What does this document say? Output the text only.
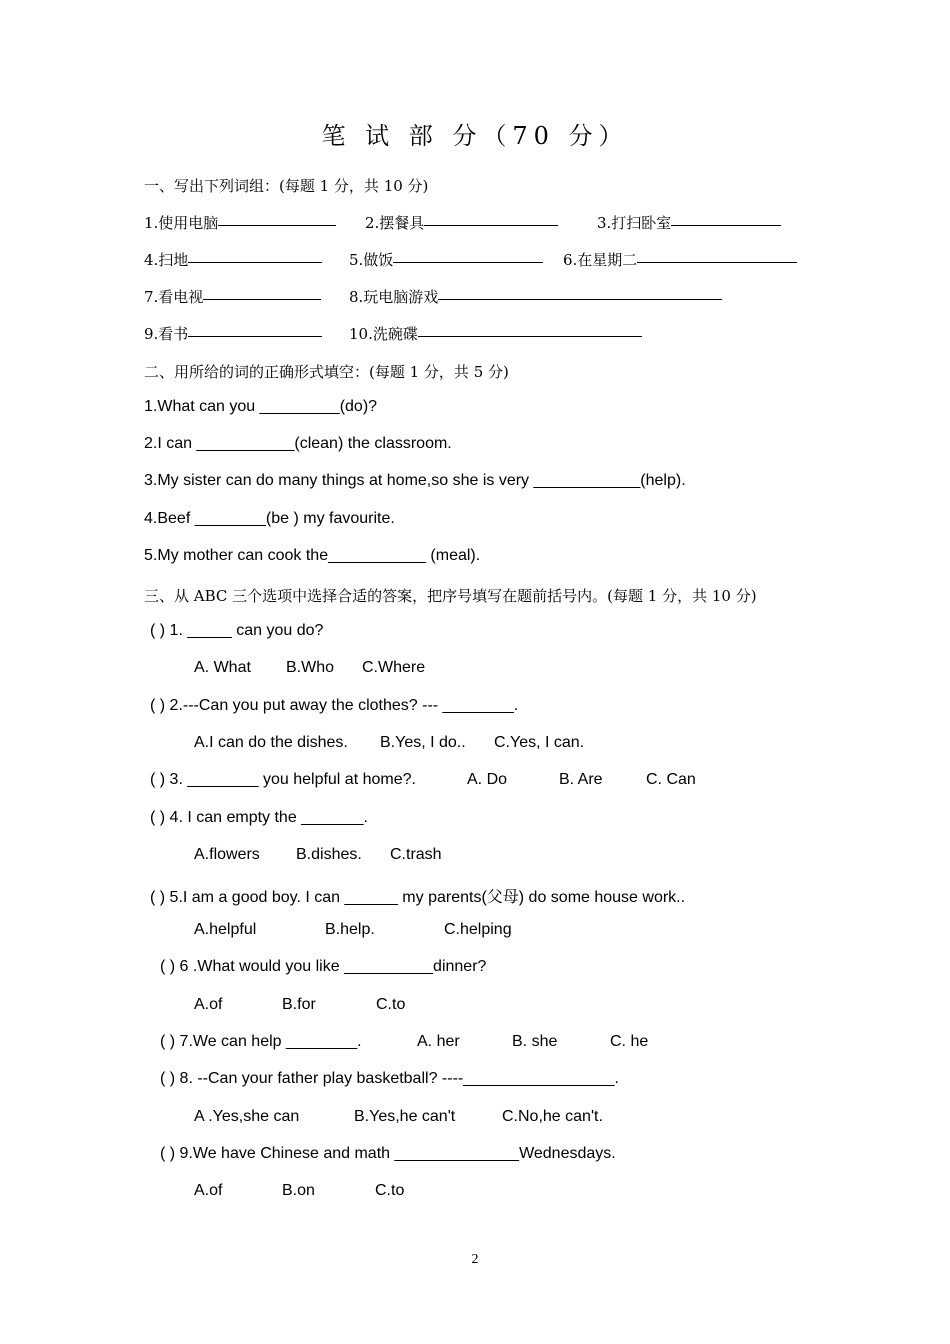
笔 试 部 分（70 分）
一、写出下列词组：(每题 1 分，共 10 分)
1.使用电脑	2.摆餐具	3.打扫卧室
4.扫地	5.做饭	6.在星期二
7.看电视	8.玩电脑游戏
9.看书	10.洗碗碟
二、用所给的词的正确形式填空：(每题 1 分，共 5 分)
1.What can you _________(do)?
2.I can ___________(clean) the classroom.
3.My sister can do many things at home,so she is very ____________(help).
4.Beef ________(be ) my favourite.
5.My mother can cook the___________ (meal).
三、从 ABC 三个选项中选择合适的答案，把序号填写在题前括号内。(每题 1 分，共 10 分)
( ) 1. _____ can you do?
A. What B.Who C.Where
( ) 2.---Can you put away the clothes? --- ________.
A.I can do the dishes. B.Yes, I do.. C.Yes, I can.
( ) 3. ________ you helpful at home?.	A. Do	B. Are	C. Can
( ) 4. I can empty the _______.
A.flowers B.dishes. C.trash
( ) 5.I am a good boy. I can ______ my parents(父母) do some house work..
A.helpful	B.help.	C.helping
( ) 6 .What would you like __________dinner?
A.of	B.for	C.to
( ) 7.We can help ________.	A. her	B. she	C. he
( ) 8. --Can your father play basketball? ----_________________.
A .Yes,she can	B.Yes,he can't	C.No,he can't.
( ) 9.We have Chinese and math ______________Wednesdays.
A.of	B.on	C.to
2
